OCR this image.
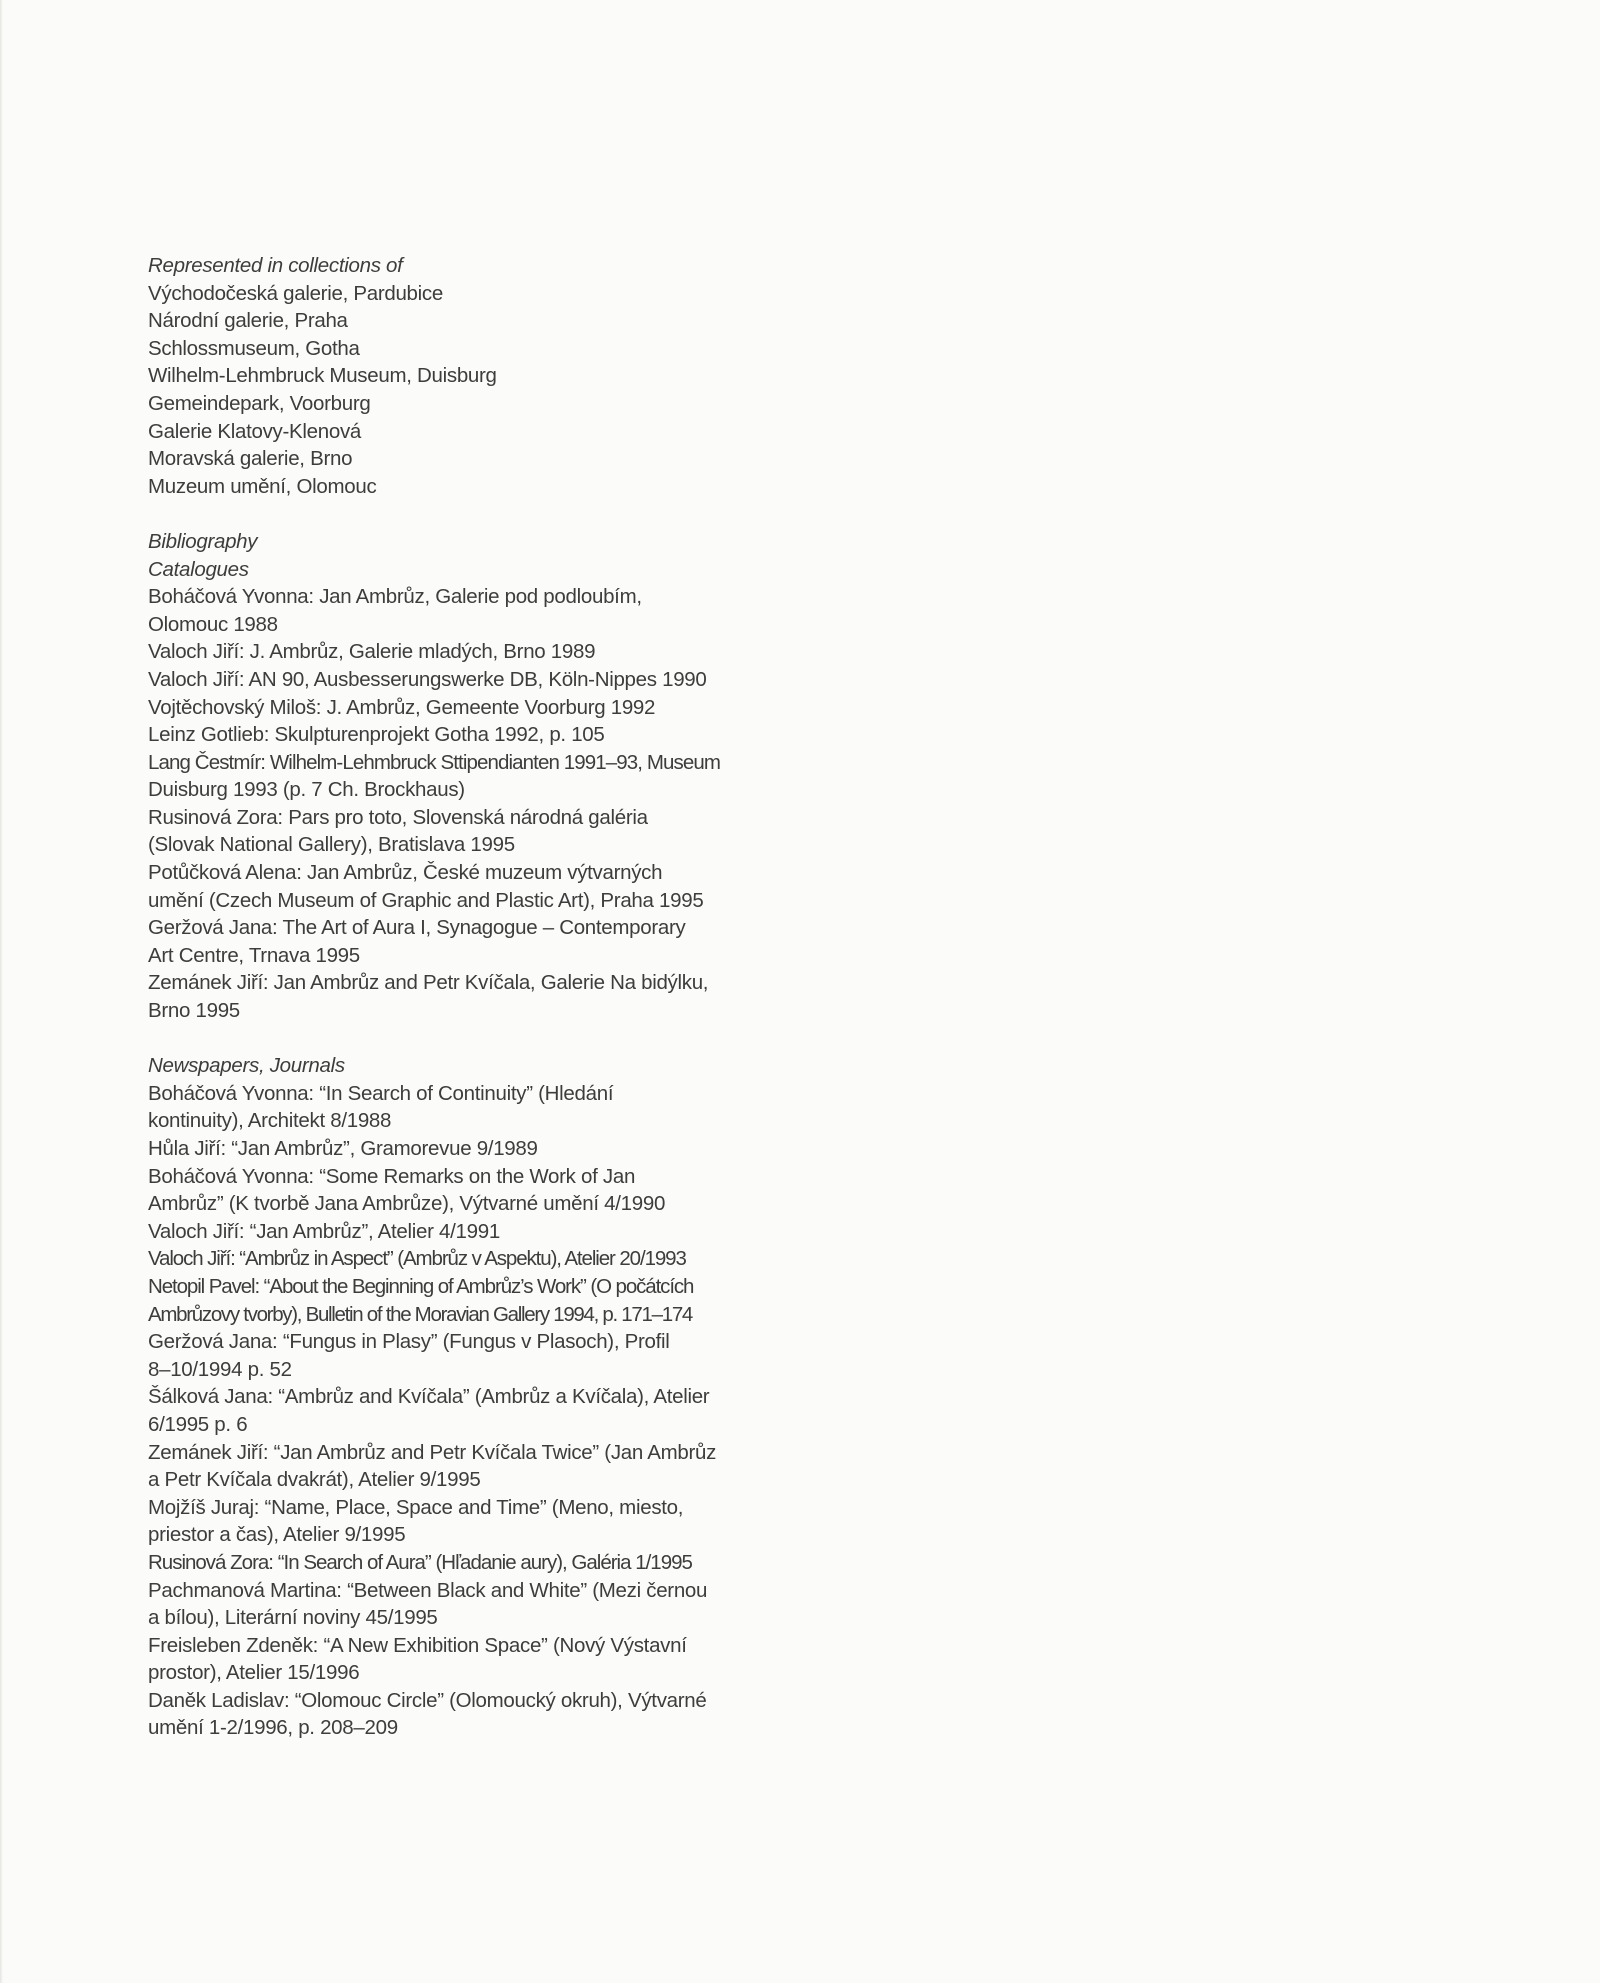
Represented in collections of
Východočeská galerie, Pardubice
Národní galerie, Praha
Schlossmuseum, Gotha
Wilhelm-Lehmbruck Museum, Duisburg
Gemeindepark, Voorburg
Galerie Klatovy-Klenová
Moravská galerie, Brno
Muzeum umění, Olomouc
Bibliography
Catalogues
Boháčová Yvonna: Jan Ambrůz, Galerie pod podloubím,
Olomouc 1988
Valoch Jiří: J. Ambrůz, Galerie mladých, Brno 1989
Valoch Jiří: AN 90, Ausbesserungswerke DB, Köln-Nippes 1990
Vojtěchovský Miloš: J. Ambrůz, Gemeente Voorburg 1992
Leinz Gotlieb: Skulpturenprojekt Gotha 1992, p. 105
Lang Čestmír: Wilhelm-Lehmbruck Sttipendianten 1991–93, Museum
Duisburg 1993 (p. 7 Ch. Brockhaus)
Rusinová Zora: Pars pro toto, Slovenská národná galéria
(Slovak National Gallery), Bratislava 1995
Potůčková Alena: Jan Ambrůz, České muzeum výtvarných
umění (Czech Museum of Graphic and Plastic Art), Praha 1995
Geržová Jana: The Art of Aura I, Synagogue – Contemporary
Art Centre, Trnava 1995
Zemánek Jiří: Jan Ambrůz and Petr Kvíčala, Galerie Na bidýlku,
Brno 1995
Newspapers, Journals
Boháčová Yvonna: “In Search of Continuity” (Hledání
kontinuity), Architekt 8/1988
Hůla Jiří: “Jan Ambrůz”, Gramorevue 9/1989
Boháčová Yvonna: “Some Remarks on the Work of Jan
Ambrůz” (K tvorbě Jana Ambrůze), Výtvarné umění 4/1990
Valoch Jiří: “Jan Ambrůz”, Atelier 4/1991
Valoch Jiří: “Ambrůz in Aspect” (Ambrůz v Aspektu), Atelier 20/1993
Netopil Pavel: “About the Beginning of Ambrůz’s Work” (O počátcích
Ambrůzovy tvorby), Bulletin of the Moravian Gallery 1994, p. 171–174
Geržová Jana: “Fungus in Plasy” (Fungus v Plasoch), Profil
8–10/1994 p. 52
Šálková Jana: “Ambrůz and Kvíčala” (Ambrůz a Kvíčala), Atelier
6/1995 p. 6
Zemánek Jiří: “Jan Ambrůz and Petr Kvíčala Twice” (Jan Ambrůz
a Petr Kvíčala dvakrát), Atelier 9/1995
Mojžíš Juraj: “Name, Place, Space and Time” (Meno, miesto,
priestor a čas), Atelier 9/1995
Rusinová Zora: “In Search of Aura” (Hľadanie aury), Galéria 1/1995
Pachmanová Martina: “Between Black and White” (Mezi černou
a bílou), Literární noviny 45/1995
Freisleben Zdeněk: “A New Exhibition Space” (Nový Výstavní
prostor), Atelier 15/1996
Daněk Ladislav: “Olomouc Circle” (Olomoucký okruh), Výtvarné
umění 1-2/1996, p. 208–209
